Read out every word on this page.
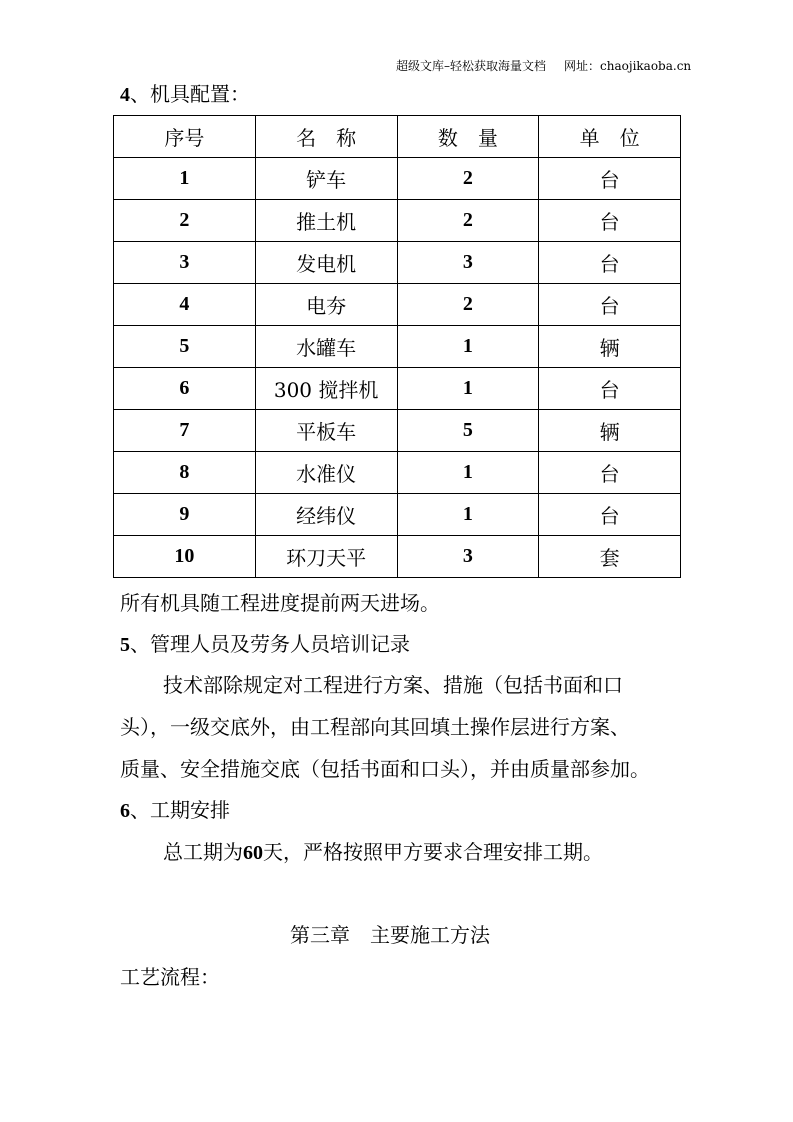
超级文库–轻松获取海量文档 网址：chaojikaoba.cn
4、机具配置：
序号	名　称	数　量	单　位
1	铲车	2	台
2	推土机	2	台
3	发电机	3	台
4	电夯	2	台
5	水罐车	1	辆
6	300 搅拌机	1	台
7	平板车	5	辆
8	水准仪	1	台
9	经纬仪	1	台
10	环刀天平	3	套
所有机具随工程进度提前两天进场。
5、管理人员及劳务人员培训记录
技术部除规定对工程进行方案、措施（包括书面和口
头），一级交底外，由工程部向其回填土操作层进行方案、
质量、安全措施交底（包括书面和口头），并由质量部参加。
6、工期安排
总工期为60天，严格按照甲方要求合理安排工期。
第三章　主要施工方法
工艺流程：
